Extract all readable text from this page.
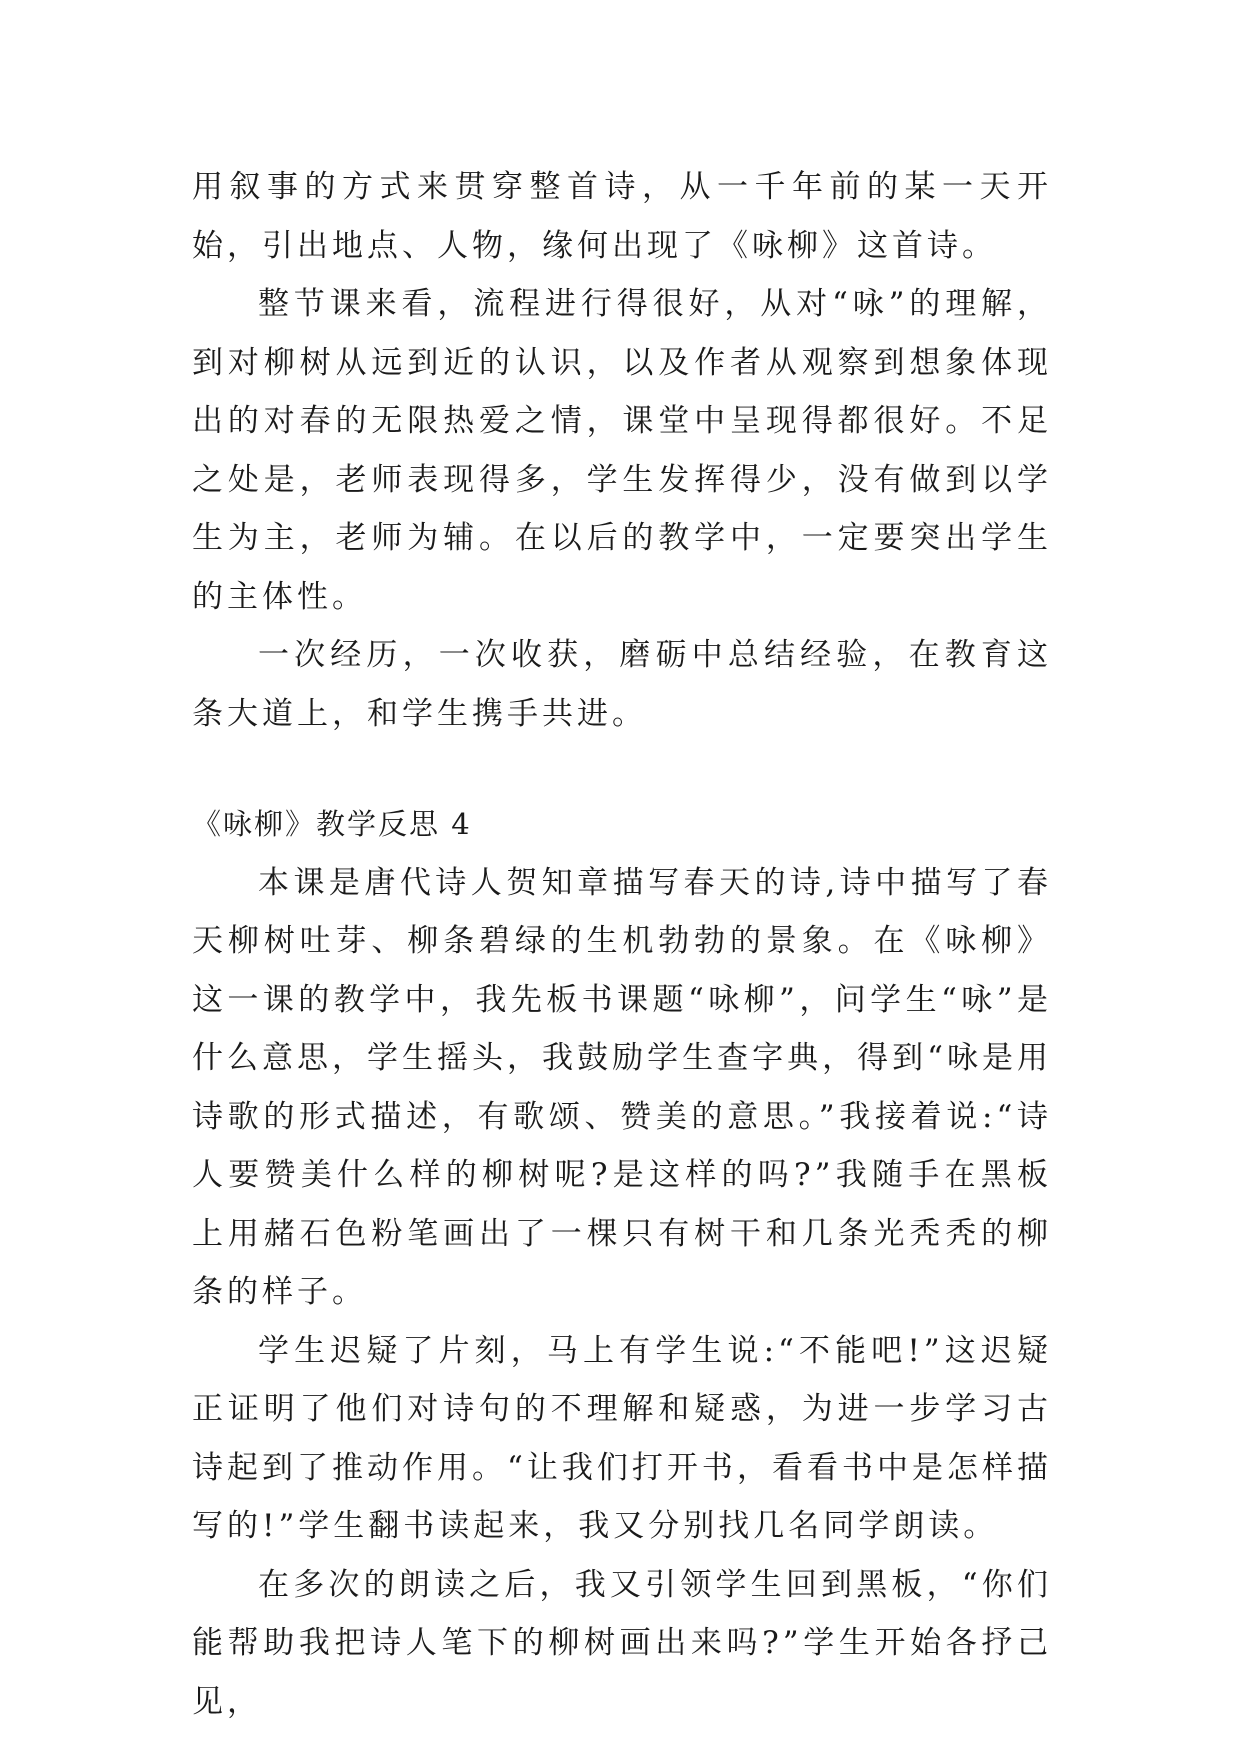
用叙事的方式来贯穿整首诗，从一千年前的某一天开始，引出地点、人物，缘何出现了《咏柳》这首诗。

整节课来看，流程进行得很好，从对“咏”的理解，到对柳树从远到近的认识，以及作者从观察到想象体现出的对春的无限热爱之情，课堂中呈现得都很好。不足之处是，老师表现得多，学生发挥得少，没有做到以学生为主，老师为辅。在以后的教学中，一定要突出学生的主体性。

一次经历，一次收获，磨砺中总结经验，在教育这条大道上，和学生携手共进。

《咏柳》教学反思 4

本课是唐代诗人贺知章描写春天的诗,诗中描写了春天柳树吐芽、柳条碧绿的生机勃勃的景象。在《咏柳》这一课的教学中，我先板书课题“咏柳”，问学生“咏”是什么意思，学生摇头，我鼓励学生查字典，得到“咏是用诗歌的形式描述，有歌颂、赞美的意思。”我接着说:“诗人要赞美什么样的柳树呢?是这样的吗?”我随手在黑板上用赭石色粉笔画出了一棵只有树干和几条光秃秃的柳条的样子。

学生迟疑了片刻，马上有学生说:“不能吧!”这迟疑正证明了他们对诗句的不理解和疑惑，为进一步学习古诗起到了推动作用。“让我们打开书，看看书中是怎样描写的!”学生翻书读起来，我又分别找几名同学朗读。

在多次的朗读之后，我又引领学生回到黑板，“你们能帮助我把诗人笔下的柳树画出来吗?”学生开始各抒己见，
